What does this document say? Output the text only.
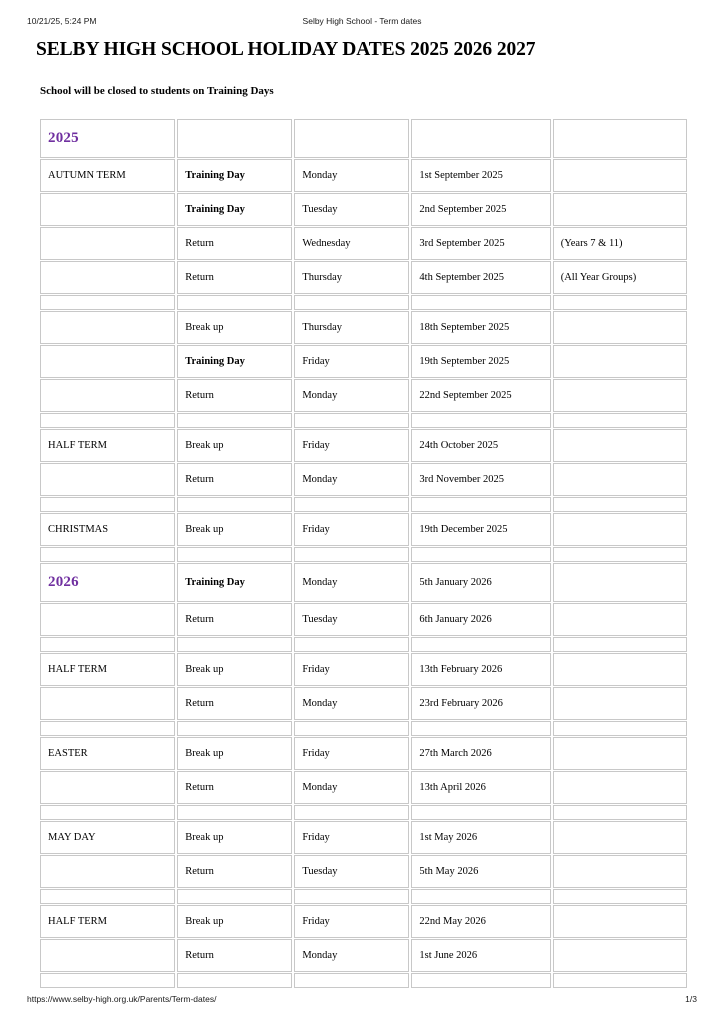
10/21/25, 5:24 PM	Selby High School - Term dates
SELBY HIGH SCHOOL HOLIDAY DATES 2025 2026 2027

School will be closed to students on Training Days

2025				
AUTUMN TERM	Training Day	Monday	1st September 2025	
	Training Day	Tuesday	2nd September 2025	
	Return	Wednesday	3rd September 2025	(Years 7 & 11)
	Return	Thursday	4th September 2025	(All Year Groups)

	Break up	Thursday	18th September 2025	
	Training Day	Friday	19th September 2025	
	Return	Monday	22nd September 2025	

HALF TERM	Break up	Friday	24th October 2025	
	Return	Monday	3rd November 2025	

CHRISTMAS	Break up	Friday	19th December 2025	

2026	Training Day	Monday	5th January 2026	
	Return	Tuesday	6th January 2026	

HALF TERM	Break up	Friday	13th February 2026	
	Return	Monday	23rd February 2026	

EASTER	Break up	Friday	27th March 2026	
	Return	Monday	13th April 2026	

MAY DAY	Break up	Friday	1st May 2026	
	Return	Tuesday	5th May 2026	

HALF TERM	Break up	Friday	22nd May 2026	
	Return	Monday	1st June 2026	

https://www.selby-high.org.uk/Parents/Term-dates/	1/3
